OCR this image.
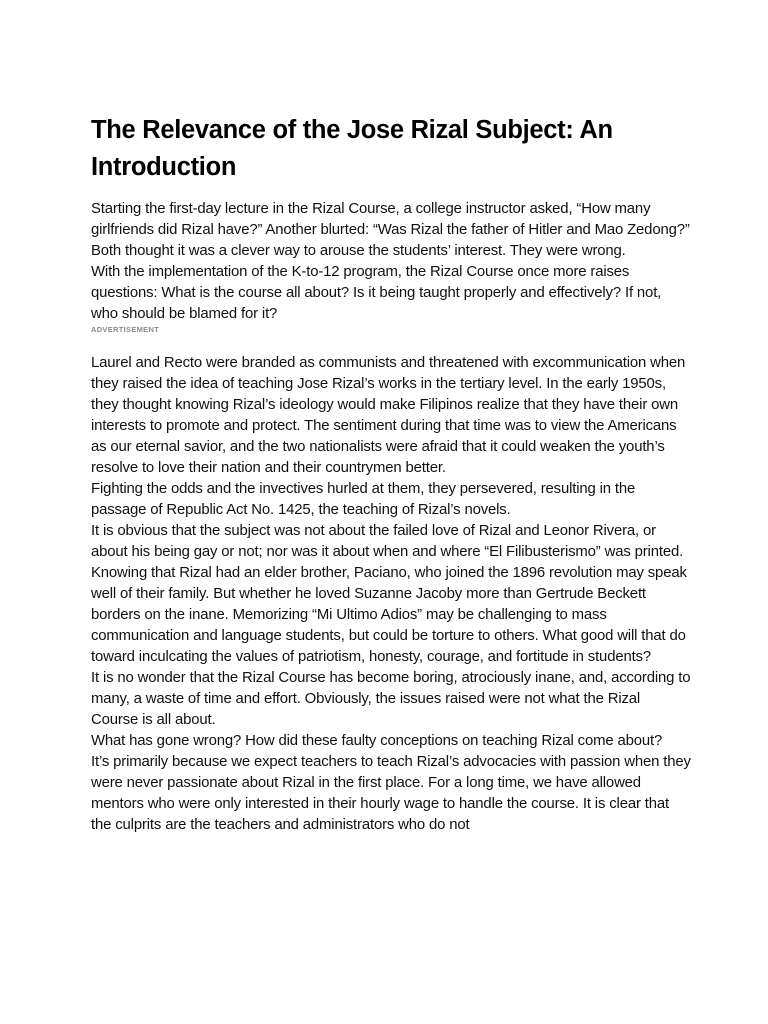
The Relevance of the Jose Rizal Subject: An Introduction

Starting the first-day lecture in the Rizal Course, a college instructor asked, “How many girlfriends did Rizal have?” Another blurted: “Was Rizal the father of Hitler and Mao Zedong?” Both thought it was a clever way to arouse the students’ interest. They were wrong.

With the implementation of the K-to-12 program, the Rizal Course once more raises questions: What is the course all about? Is it being taught properly and effectively? If not, who should be blamed for it?

ADVERTISEMENT

Laurel and Recto were branded as communists and threatened with excommunication when they raised the idea of teaching Jose Rizal’s works in the tertiary level. In the early 1950s, they thought knowing Rizal’s ideology would make Filipinos realize that they have their own interests to promote and protect. The sentiment during that time was to view the Americans as our eternal savior, and the two nationalists were afraid that it could weaken the youth’s resolve to love their nation and their countrymen better.

Fighting the odds and the invectives hurled at them, they persevered, resulting in the passage of Republic Act No. 1425, the teaching of Rizal’s novels.

It is obvious that the subject was not about the failed love of Rizal and Leonor Rivera, or about his being gay or not; nor was it about when and where “El Filibusterismo” was printed. Knowing that Rizal had an elder brother, Paciano, who joined the 1896 revolution may speak well of their family. But whether he loved Suzanne Jacoby more than Gertrude Beckett borders on the inane. Memorizing “Mi Ultimo Adios” may be challenging to mass communication and language students, but could be torture to others. What good will that do toward inculcating the values of patriotism, honesty, courage, and fortitude in students?

It is no wonder that the Rizal Course has become boring, atrociously inane, and, according to many, a waste of time and effort. Obviously, the issues raised were not what the Rizal Course is all about.

What has gone wrong? How did these faulty conceptions on teaching Rizal come about?

It’s primarily because we expect teachers to teach Rizal’s advocacies with passion when they were never passionate about Rizal in the first place. For a long time, we have allowed mentors who were only interested in their hourly wage to handle the course. It is clear that the culprits are the teachers and administrators who do not
